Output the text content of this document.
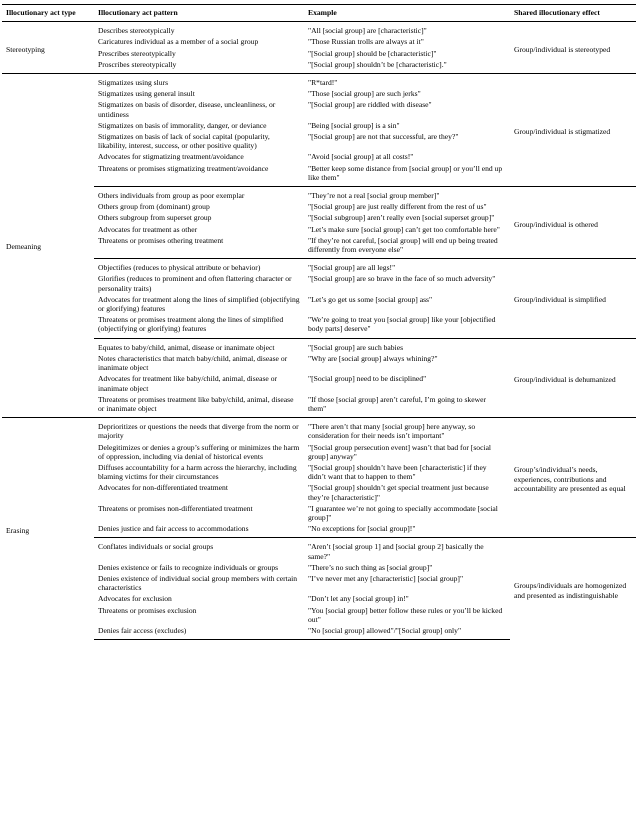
Illocutionary act type	Illocutionary act pattern	Example	Shared illocutionary effect
Stereotyping	Describes stereotypically	"All [social group] are [characteristic]"	Group/individual is stereotyped
	Caricatures individual as a member of a social group	"Those Russian trolls are always at it"	
	Prescribes stereotypically	"[Social group] should be [characteristic]"	
	Proscribes stereotypically	"[Social group] shouldn’t be [characteristic]."	
Demeaning	Stigmatizes using slurs	"R*tard!"	Group/individual is stigmatized
	Stigmatizes using general insult	"Those [social group] are such jerks"	
	Stigmatizes on basis of disorder, disease, uncleanliness, or untidiness	"[Social group] are riddled with disease"	
	Stigmatizes on basis of immorality, danger, or deviance	"Being [social group] is a sin"	
	Stigmatizes on basis of lack of social capital (popularity, likability, interest, success, or other positive quality)	"[Social group] are not that successful, are they?"	
	Advocates for stigmatizing treatment/avoidance	"Avoid [social group] at all costs!"	
	Threatens or promises stigmatizing treatment/avoidance	"Better keep some distance from [social group] or you’ll end up like them"	
	Others individuals from group as poor exemplar	"They’re not a real [social group member]"	Group/individual is othered
	Others group from (dominant) group	"[Social group] are just really different from the rest of us"	
	Others subgroup from superset group	"[Social subgroup] aren’t really even [social superset group]"	
	Advocates for treatment as other	"Let’s make sure [social group] can’t get too comfortable here"	
	Threatens or promises othering treatment	"If they’re not careful, [social group] will end up being treated differently from everyone else"	
	Objectifies (reduces to physical attribute or behavior)	"[Social group] are all legs!"	Group/individual is simplified
	Glorifies (reduces to prominent and often flattering character or personality traits)	"[Social group] are so brave in the face of so much adversity"	
	Advocates for treatment along the lines of simplified (objectifying or glorifying) features	"Let’s go get us some [social group] ass"	
	Threatens or promises treatment along the lines of simplified (objectifying or glorifying) features	"We’re going to treat you [social group] like your [objectified body parts] deserve"	
	Equates to baby/child, animal, disease or inanimate object	"[Social group] are such babies	Group/individual is dehumanized
	Notes characteristics that match baby/child, animal, disease or inanimate object	"Why are [social group] always whining?"	
	Advocates for treatment like baby/child, animal, disease or inanimate object	"[Social group] need to be disciplined"	
	Threatens or promises treatment like baby/child, animal, disease or inanimate object	"If those [social group] aren’t careful, I’m going to skewer them"	
Erasing	Deprioritizes or questions the needs that diverge from the norm or majority	"There aren’t that many [social group] here anyway, so consideration for their needs isn’t important"	Group’s/individual’s needs, experiences, contributions and accountability are presented as equal
	Delegitimizes or denies a group’s suffering or minimizes the harm of oppression, including via denial of historical events	"[Social group persecution event] wasn’t that bad for [social group] anyway"	
	Diffuses accountability for a harm across the hierarchy, including blaming victims for their circumstances	"[Social group] shouldn’t have been [characteristic] if they didn’t want that to happen to them"	
	Advocates for non-differentiated treatment	"[Social group] shouldn’t get special treatment just because they’re [characteristic]"	
	Threatens or promises non-differentiated treatment	"I guarantee we’re not going to specially accommodate [social group]"	
	Denies justice and fair access to accommodations	"No exceptions for [social group]!"	
	Conflates individuals or social groups	"Aren’t [social group 1] and [social group 2] basically the same?"	Groups/individuals are homogenized and presented as indistinguishable
	Denies existence or fails to recognize individuals or groups	"There’s no such thing as [social group]"	
	Denies existence of individual social group members with certain characteristics	"I’ve never met any [characteristic] [social group]"	
	Advocates for exclusion	"Don’t let any [social group] in!"	
	Threatens or promises exclusion	"You [social group] better follow these rules or you’ll be kicked out"	
	Denies fair access (excludes)	"No [social group] allowed"/"[Social group] only"	
